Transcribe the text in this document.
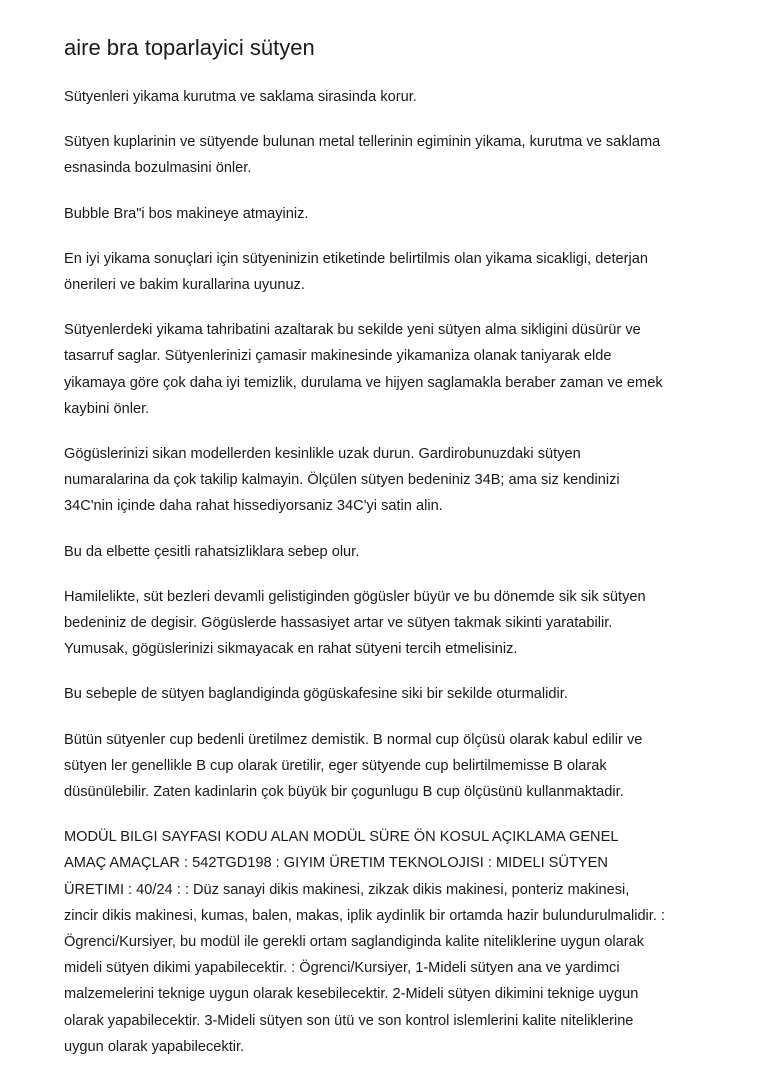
aire bra toparlayici sütyen

Sütyenleri yikama kurutma ve saklama sirasinda korur.

Sütyen kuplarinin ve sütyende bulunan metal tellerinin egiminin yikama, kurutma ve saklama
esnasinda bozulmasini önler.

Bubble Bra"i bos makineye atmayiniz.

En iyi yikama sonuçlari için sütyeninizin etiketinde belirtilmis olan yikama sicakligi, deterjan
önerileri ve bakim kurallarina uyunuz.

Sütyenlerdeki yikama tahribatini azaltarak bu sekilde yeni sütyen alma sikligini düsürür ve
tasarruf saglar. Sütyenlerinizi çamasir makinesinde yikamaniza olanak taniyarak elde
yikamaya göre çok daha iyi temizlik, durulama ve hijyen saglamakla beraber zaman ve emek
kaybini önler.

Gögüslerinizi sikan modellerden kesinlikle uzak durun. Gardirobunuzdaki sütyen
numaralarina da çok takilip kalmayin. Ölçülen sütyen bedeniniz 34B; ama siz kendinizi
34C'nin içinde daha rahat hissediyorsaniz 34C'yi satin alin.

Bu da elbette çesitli rahatsizliklara sebep olur.

Hamilelikte, süt bezleri devamli gelistiginden gögüsler büyür ve bu dönemde sik sik sütyen
bedeniniz de degisir. Gögüslerde hassasiyet artar ve sütyen takmak sikinti yaratabilir.
Yumusak, gögüslerinizi sikmayacak en rahat sütyeni tercih etmelisiniz.

Bu sebeple de sütyen baglandiginda gögüskafesine siki bir sekilde oturmalidir.

Bütün sütyenler cup bedenli üretilmez demistik. B normal cup ölçüsü olarak kabul edilir ve
sütyen ler genellikle B cup olarak üretilir, eger sütyende cup belirtilmemisse B olarak
düsünülebilir. Zaten kadinlarin çok büyük bir çogunlugu B cup ölçüsünü kullanmaktadir.

MODÜL BILGI SAYFASI KODU ALAN MODÜL SÜRE ÖN KOSUL AÇIKLAMA GENEL
AMAÇ AMAÇLAR : 542TGD198 : GIYIM ÜRETIM TEKNOLOJISI : MIDELI SÜTYEN
ÜRETIMI : 40/24 : : Düz sanayi dikis makinesi, zikzak dikis makinesi, ponteriz makinesi,
zincir dikis makinesi, kumas, balen, makas, iplik aydinlik bir ortamda hazir bulundurulmalidir. :
Ögrenci/Kursiyer, bu modül ile gerekli ortam saglandiginda kalite niteliklerine uygun olarak
mideli sütyen dikimi yapabilecektir. : Ögrenci/Kursiyer, 1-Mideli sütyen ana ve yardimci
malzemelerini teknige uygun olarak kesebilecektir. 2-Mideli sütyen dikimini teknige uygun
olarak yapabilecektir. 3-Mideli sütyen son ütü ve son kontrol islemlerini kalite niteliklerine
uygun olarak yapabilecektir.
